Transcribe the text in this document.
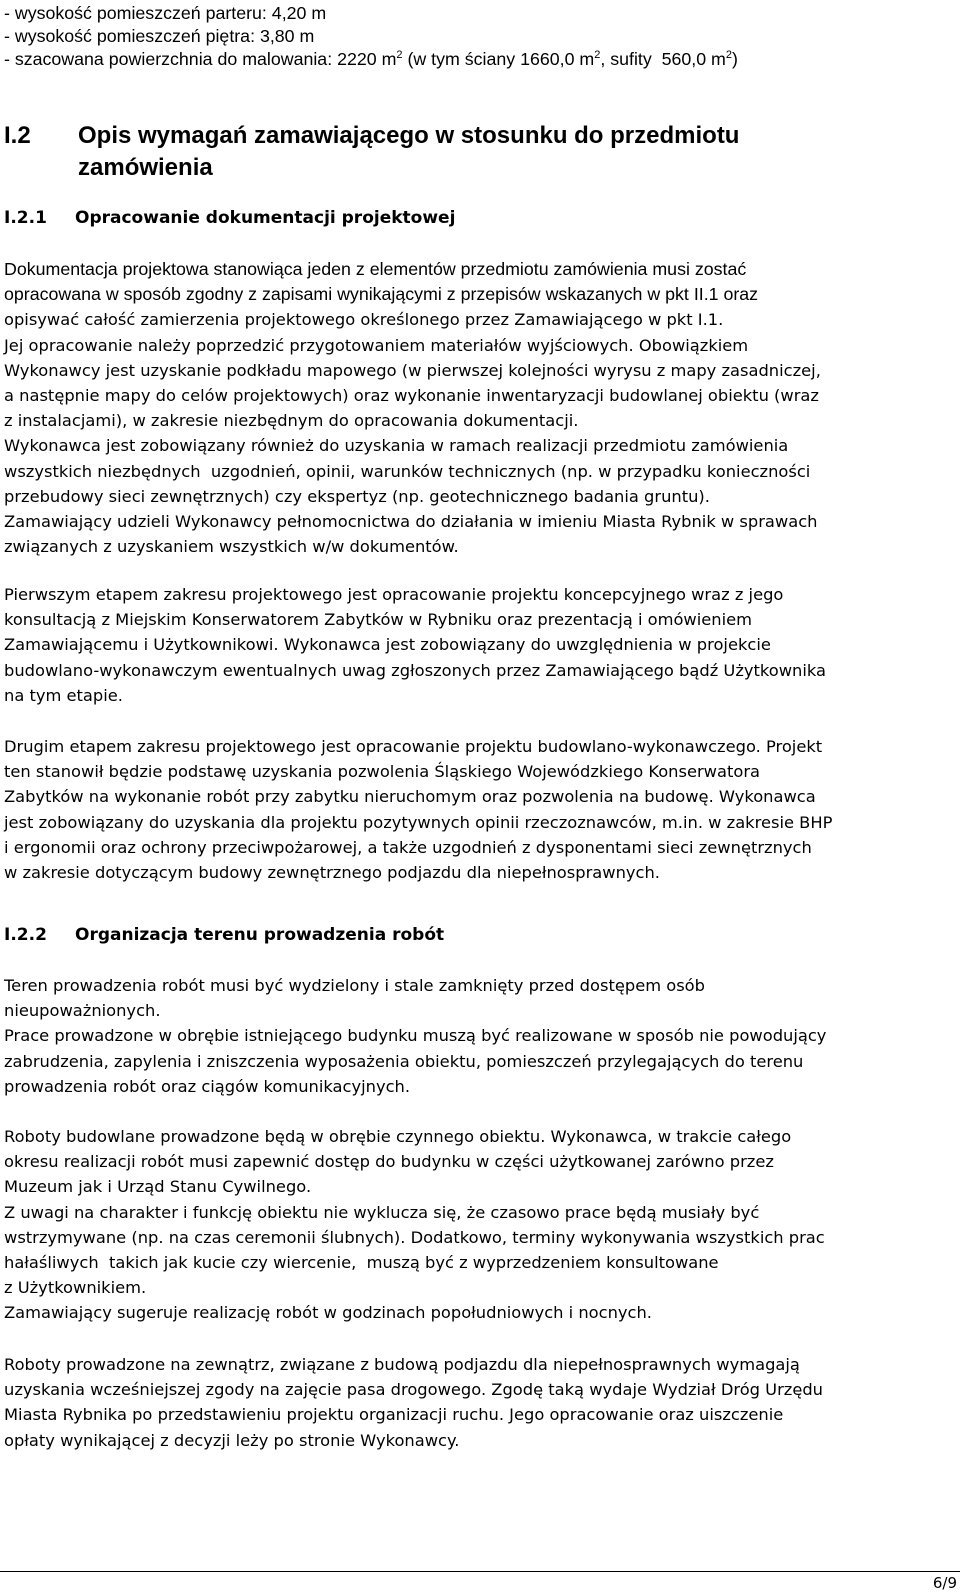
- wysokość pomieszczeń parteru: 4,20 m
- wysokość pomieszczeń piętra: 3,80 m
- szacowana powierzchnia do malowania: 2220 $m^2$ (w tym ściany 1660,0 $m^2$, sufity  560,0 $m^2$)
I.2 Opis wymagań zamawiającego w stosunku do przedmiotu
zamówienia
I.2.1 Opracowanie dokumentacji projektowej
Dokumentacja projektowa stanowiąca jeden z elementów przedmiotu zamówienia musi zostać
opracowana w sposób zgodny z zapisami wynikającymi z przepisów wskazanych w pkt II.1 oraz
opisywać całość zamierzenia projektowego określonego przez Zamawiającego w pkt I.1.
Jej opracowanie należy poprzedzić przygotowaniem materiałów wyjściowych. Obowiązkiem
Wykonawcy jest uzyskanie podkładu mapowego (w pierwszej kolejności wyrysu z mapy zasadniczej,
a następnie mapy do celów projektowych) oraz wykonanie inwentaryzacji budowlanej obiektu (wraz
z instalacjami), w zakresie niezbędnym do opracowania dokumentacji.
Wykonawca jest zobowiązany również do uzyskania w ramach realizacji przedmiotu zamówienia
wszystkich niezbędnych  uzgodnień, opinii, warunków technicznych (np. w przypadku konieczności
przebudowy sieci zewnętrznych) czy ekspertyz (np. geotechnicznego badania gruntu).
Zamawiający udzieli Wykonawcy pełnomocnictwa do działania w imieniu Miasta Rybnik w sprawach
związanych z uzyskaniem wszystkich w/w dokumentów.
Pierwszym etapem zakresu projektowego jest opracowanie projektu koncepcyjnego wraz z jego
konsultacją z Miejskim Konserwatorem Zabytków w Rybniku oraz prezentacją i omówieniem
Zamawiającemu i Użytkownikowi. Wykonawca jest zobowiązany do uwzględnienia w projekcie
budowlano-wykonawczym ewentualnych uwag zgłoszonych przez Zamawiającego bądź Użytkownika
na tym etapie.
Drugim etapem zakresu projektowego jest opracowanie projektu budowlano-wykonawczego. Projekt
ten stanowił będzie podstawę uzyskania pozwolenia Śląskiego Wojewódzkiego Konserwatora
Zabytków na wykonanie robót przy zabytku nieruchomym oraz pozwolenia na budowę. Wykonawca
jest zobowiązany do uzyskania dla projektu pozytywnych opinii rzeczoznawców, m.in. w zakresie BHP
i ergonomii oraz ochrony przeciwpożarowej, a także uzgodnień z dysponentami sieci zewnętrznych
w zakresie dotyczącym budowy zewnętrznego podjazdu dla niepełnosprawnych.
I.2.2 Organizacja terenu prowadzenia robót
Teren prowadzenia robót musi być wydzielony i stale zamknięty przed dostępem osób
nieupoważnionych.
Prace prowadzone w obrębie istniejącego budynku muszą być realizowane w sposób nie powodujący
zabrudzenia, zapylenia i zniszczenia wyposażenia obiektu, pomieszczeń przylegających do terenu
prowadzenia robót oraz ciągów komunikacyjnych.
Roboty budowlane prowadzone będą w obrębie czynnego obiektu. Wykonawca, w trakcie całego
okresu realizacji robót musi zapewnić dostęp do budynku w części użytkowanej zarówno przez
Muzeum jak i Urząd Stanu Cywilnego.
Z uwagi na charakter i funkcję obiektu nie wyklucza się, że czasowo prace będą musiały być
wstrzymywane (np. na czas ceremonii ślubnych). Dodatkowo, terminy wykonywania wszystkich prac
hałaśliwych  takich jak kucie czy wiercenie,  muszą być z wyprzedzeniem konsultowane
z Użytkownikiem.
Zamawiający sugeruje realizację robót w godzinach popołudniowych i nocnych.
Roboty prowadzone na zewnątrz, związane z budową podjazdu dla niepełnosprawnych wymagają
uzyskania wcześniejszej zgody na zajęcie pasa drogowego. Zgodę taką wydaje Wydział Dróg Urzędu
Miasta Rybnika po przedstawieniu projektu organizacji ruchu. Jego opracowanie oraz uiszczenie
opłaty wynikającej z decyzji leży po stronie Wykonawcy.
6/9
